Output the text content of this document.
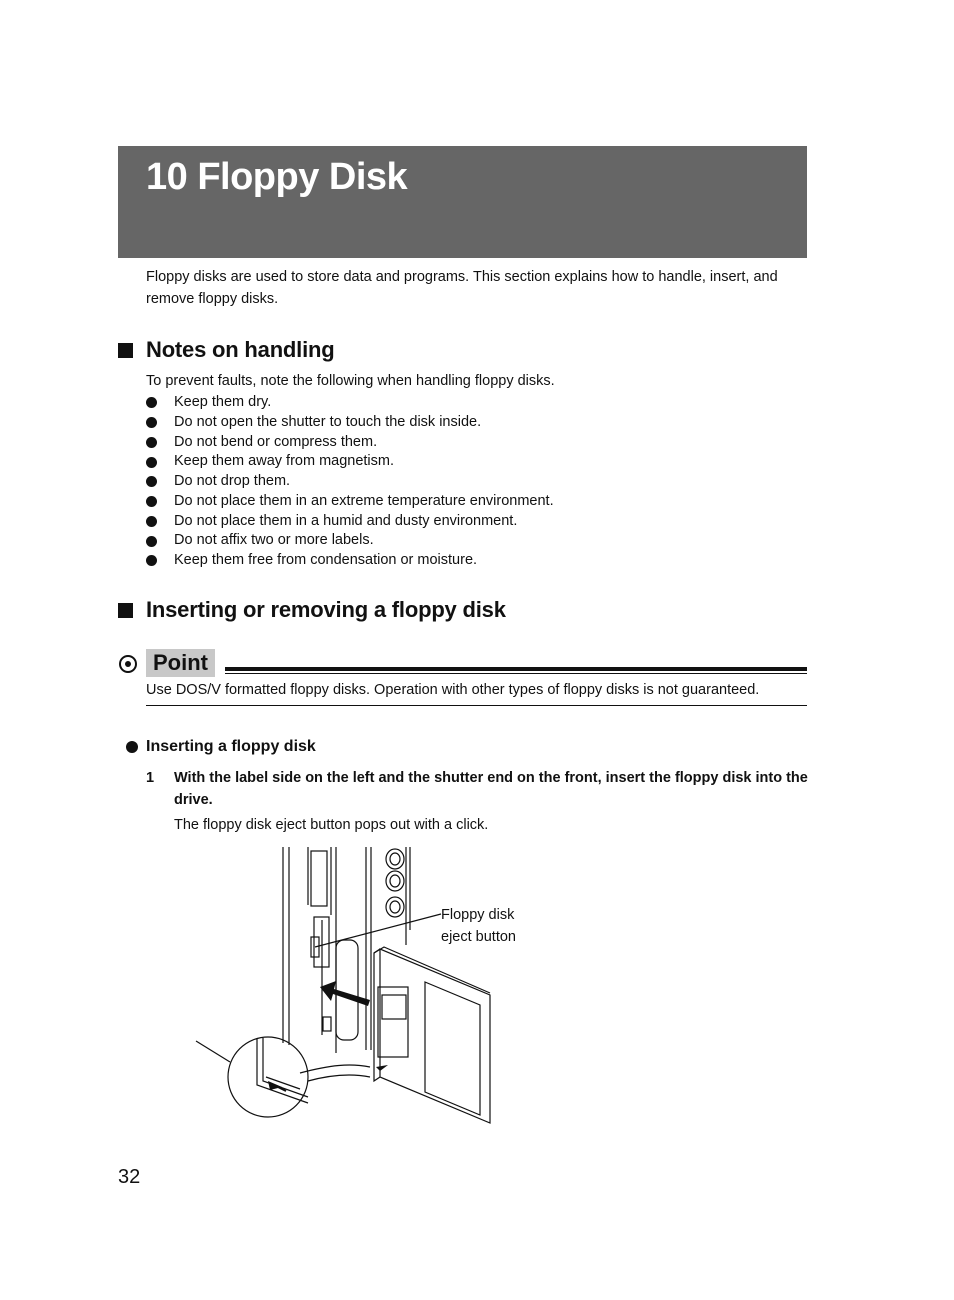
10 Floppy Disk

Floppy disks are used to store data and programs. This section explains how to handle, insert, and remove floppy disks.

Notes on handling

To prevent faults, note the following when handling floppy disks.

Keep them dry.
Do not open the shutter to touch the disk inside.
Do not bend or compress them.
Keep them away from magnetism.
Do not drop them.
Do not place them in an extreme temperature environment.
Do not place them in a humid and dusty environment.
Do not affix two or more labels.
Keep them free from condensation or moisture.
Inserting or removing a floppy disk
Point

Use DOS/V formatted floppy disks. Operation with other types of floppy disks is not guaranteed.

Inserting a floppy disk
1 With the label side on the left and the shutter end on the front, insert the floppy disk into the drive.

The floppy disk eject button pops out with a click.

Floppy disk
eject button

32
